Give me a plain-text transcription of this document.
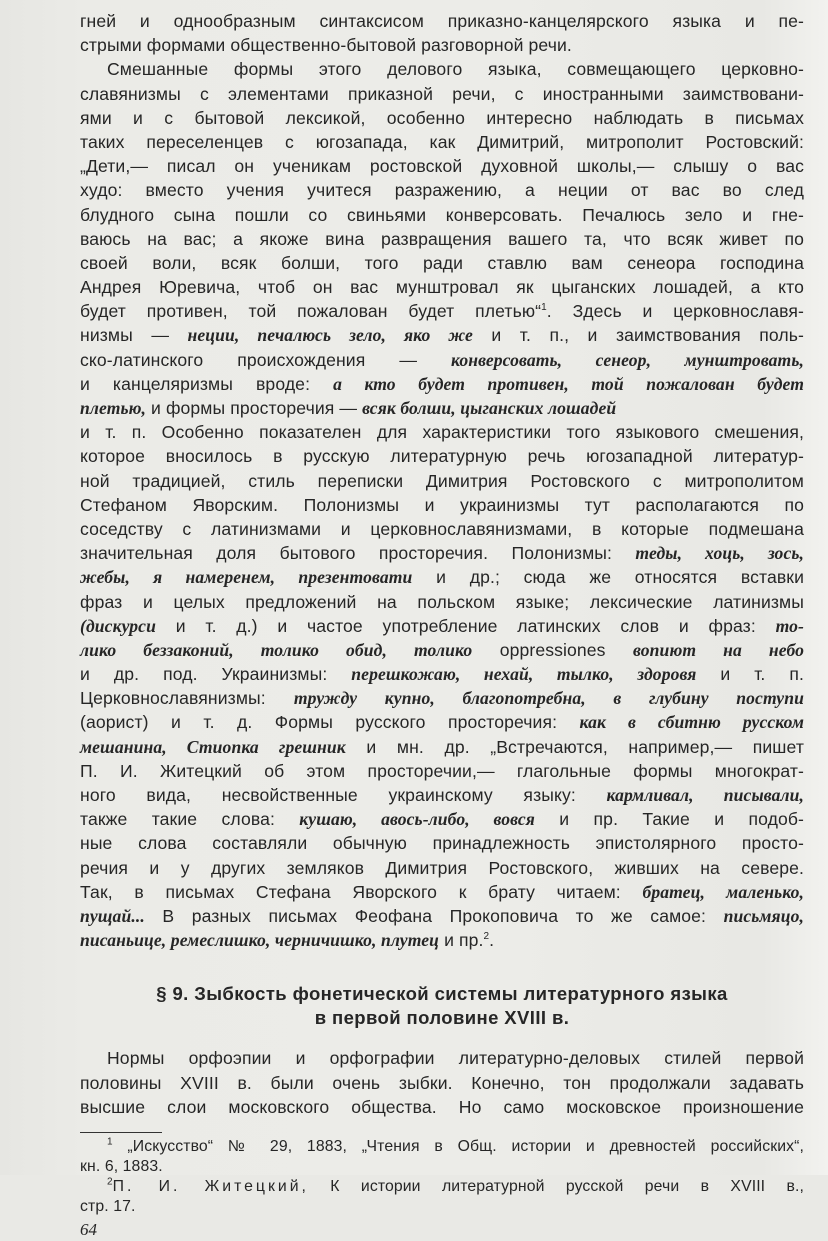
гней и однообразным синтаксисом приказно-канцелярского языка и пе-
стрыми формами общественно-бытовой разговорной речи.
Смешанные формы этого делового языка, совмещающего церковно-
славянизмы с элементами приказной речи, с иностранными заимствовани-
ями и с бытовой лексикой, особенно интересно наблюдать в письмах
таких переселенцев с югозапада, как Димитрий, митрополит Ростовский:
„Дети,— писал он ученикам ростовской духовной школы,— слышу о вас
худо: вместо учения учитеся разражению, а неции от вас во след
блудного сына пошли со свиньями конверсовать. Печалюсь зело и гне-
ваюсь на вас; а якоже вина развращения вашего та, что всяк живет по
своей воли, всяк болши, того ради ставлю вам сенеора господина
Андрея Юревича, чтоб он вас мунштровал як цыганских лошадей, а кто
будет противен, той пожалован будет плетью“$^1$. Здесь и церковнославя-
низмы — неции, печалюсь зело, яко же и т. п., и заимствования поль-
ско-латинского происхождения — конверсовать, сенеор, мунштровать,
и канцеляризмы вроде: а кто будет противен, той пожалован будет
плетью, и формы просторечия — всяк болши, цыганских лошадей
и т. п. Особенно показателен для характеристики того языкового смешения,
которое вносилось в русскую литературную речь югозападной литератур-
ной традицией, стиль переписки Димитрия Ростовского с митрополитом
Стефаном Яворским. Полонизмы и украинизмы тут располагаются по
соседству с латинизмами и церковнославянизмами, в которые подмешана
значительная доля бытового просторечия. Полонизмы: теды, хоць, зось,
жебы, я намеренем, презентовати и др.; сюда же относятся вставки
фраз и целых предложений на польском языке; лексические латинизмы
(дискурси и т. д.) и частое употребление латинских слов и фраз: то-
лико беззаконий, толико обид, толико oppressiones вопиют на небо
и др. под. Украинизмы: перешкожаю, нехай, тылко, здоровя и т. п.
Церковнославянизмы: тружду купно, благопотребна, в глубину поступи
(аорист) и т. д. Формы русского просторечия: как в сбитню русском
мешанина, Стиопка грешник и мн. др. „Встречаются, например,— пишет
П. И. Житецкий об этом просторечии,— глагольные формы многократ-
ного вида, несвойственные украинскому языку: кармливал, писывали,
также такие слова: кушаю, авось-либо, вовся и пр. Такие и подоб-
ные слова составляли обычную принадлежность эпистолярного просто-
речия и у других земляков Димитрия Ростовского, живших на севере.
Так, в письмах Стефана Яворского к брату читаем: братец, маленько,
пущай... В разных письмах Феофана Прокоповича то же самое: письмяцо,
писаньице, ремеслишко, черничишко, плутец и пр.$^2$.
§ 9. Зыбкость фонетической системы литературного языка
в первой половине XVIII в.
Нормы орфоэпии и орфографии литературно-деловых стилей первой
половины XVIII в. были очень зыбки. Конечно, тон продолжали задавать
высшие слои московского общества. Но само московское произношение
$^1$ „Искусство“ № 29, 1883, „Чтения в Общ. истории и древностей российских“,
кн. 6, 1883.
$^2$П. И. Житецкий, К истории литературной русской речи в XVIII в.,
стр. 17.
64
